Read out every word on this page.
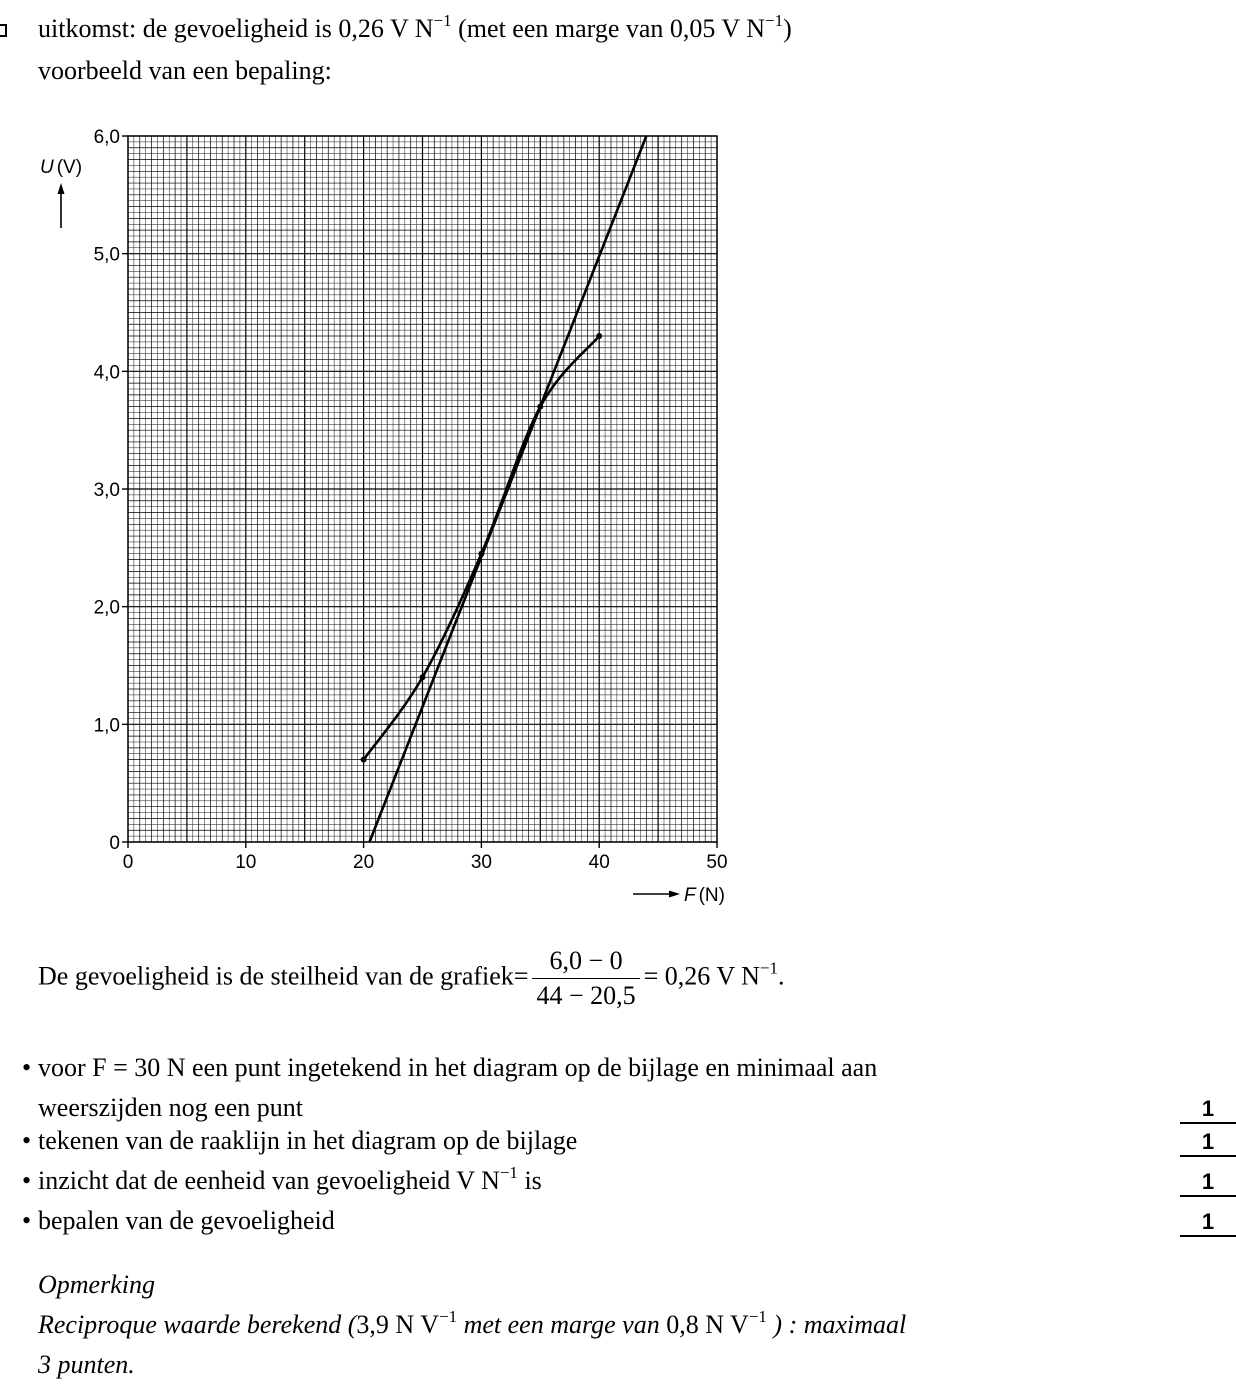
uitkomst: de gevoeligheid is 0,26 V $N^{-1}$ (met een marge van 0,05 V $N^{-1}$)
voorbeeld van een bepaling:
0	10	20	30	40	50
0
1,0
2,0
3,0
4,0
5,0
6,0
U (V)
F (N)
De gevoeligheid is de steilheid van de grafiek= $\frac{6,0 - 0}{44 - 20,5} = 0,26$ V $N^{-1}$.
• voor F = 30 N een punt ingetekend in het diagram op de bijlage en minimaal aan
weerszijden nog een punt	1
• tekenen van de raaklijn in het diagram op de bijlage	1
• inzicht dat de eenheid van gevoeligheid V $N^{-1}$ is	1
• bepalen van de gevoeligheid	1
Opmerking
Reciproque waarde berekend (3,9 N $V^{-1}$ met een marge van 0,8 N $V^{-1}$ ) : maximaal
3 punten.
